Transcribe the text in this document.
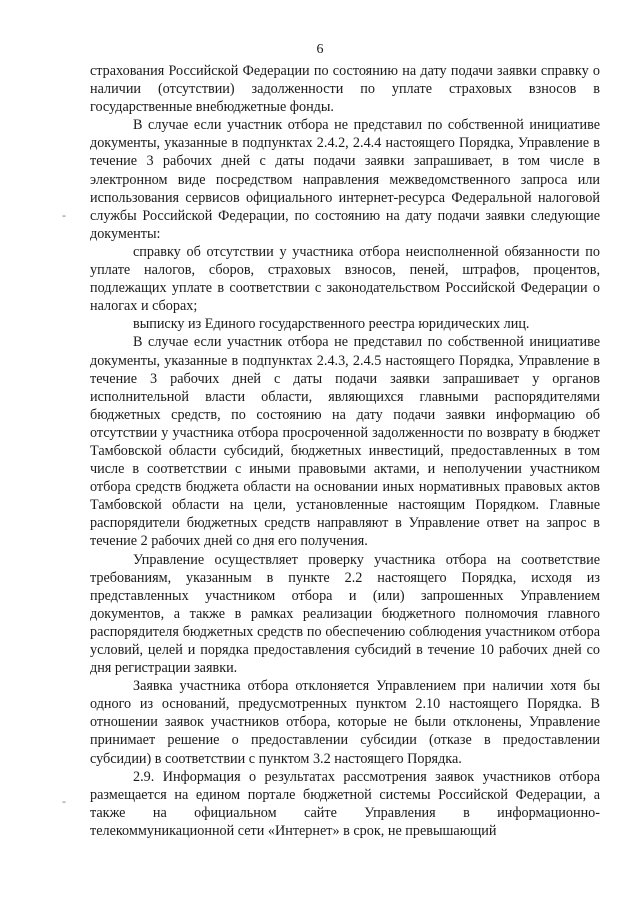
6

страхования Российской Федерации по состоянию на дату подачи заявки справку о наличии (отсутствии) задолженности по уплате страховых взносов в государственные внебюджетные фонды.

В случае если участник отбора не представил по собственной инициативе документы, указанные в подпунктах 2.4.2, 2.4.4 настоящего Порядка, Управление в течение 3 рабочих дней с даты подачи заявки запрашивает, в том числе в электронном виде посредством направления межведомственного запроса или использования сервисов официального интернет-ресурса Федеральной налоговой службы Российской Федерации, по состоянию на дату подачи заявки следующие документы:

справку об отсутствии у участника отбора неисполненной обязанности по уплате налогов, сборов, страховых взносов, пеней, штрафов, процентов, подлежащих уплате в соответствии с законодательством Российской Федерации о налогах и сборах;

выписку из Единого государственного реестра юридических лиц.

В случае если участник отбора не представил по собственной инициативе документы, указанные в подпунктах 2.4.3, 2.4.5 настоящего Порядка, Управление в течение 3 рабочих дней с даты подачи заявки запрашивает у органов исполнительной власти области, являющихся главными распорядителями бюджетных средств, по состоянию на дату подачи заявки информацию об отсутствии у участника отбора просроченной задолженности по возврату в бюджет Тамбовской области субсидий, бюджетных инвестиций, предоставленных в том числе в соответствии с иными правовыми актами, и неполучении участником отбора средств бюджета области на основании иных нормативных правовых актов Тамбовской области на цели, установленные настоящим Порядком. Главные распорядители бюджетных средств направляют в Управление ответ на запрос в течение 2 рабочих дней со дня его получения.

Управление осуществляет проверку участника отбора на соответствие требованиям, указанным в пункте 2.2 настоящего Порядка, исходя из представленных участником отбора и (или) запрошенных Управлением документов, а также в рамках реализации бюджетного полномочия главного распорядителя бюджетных средств по обеспечению соблюдения участником отбора условий, целей и порядка предоставления субсидий в течение 10 рабочих дней со дня регистрации заявки.

Заявка участника отбора отклоняется Управлением при наличии хотя бы одного из оснований, предусмотренных пунктом 2.10 настоящего Порядка. В отношении заявок участников отбора, которые не были отклонены, Управление принимает решение о предоставлении субсидии (отказе в предоставлении субсидии) в соответствии с пунктом 3.2 настоящего Порядка.

2.9. Информация о результатах рассмотрения заявок участников отбора размещается на едином портале бюджетной системы Российской Федерации, а также на официальном сайте Управления в информационно-телекоммуникационной сети «Интернет» в срок, не превышающий

-
-
